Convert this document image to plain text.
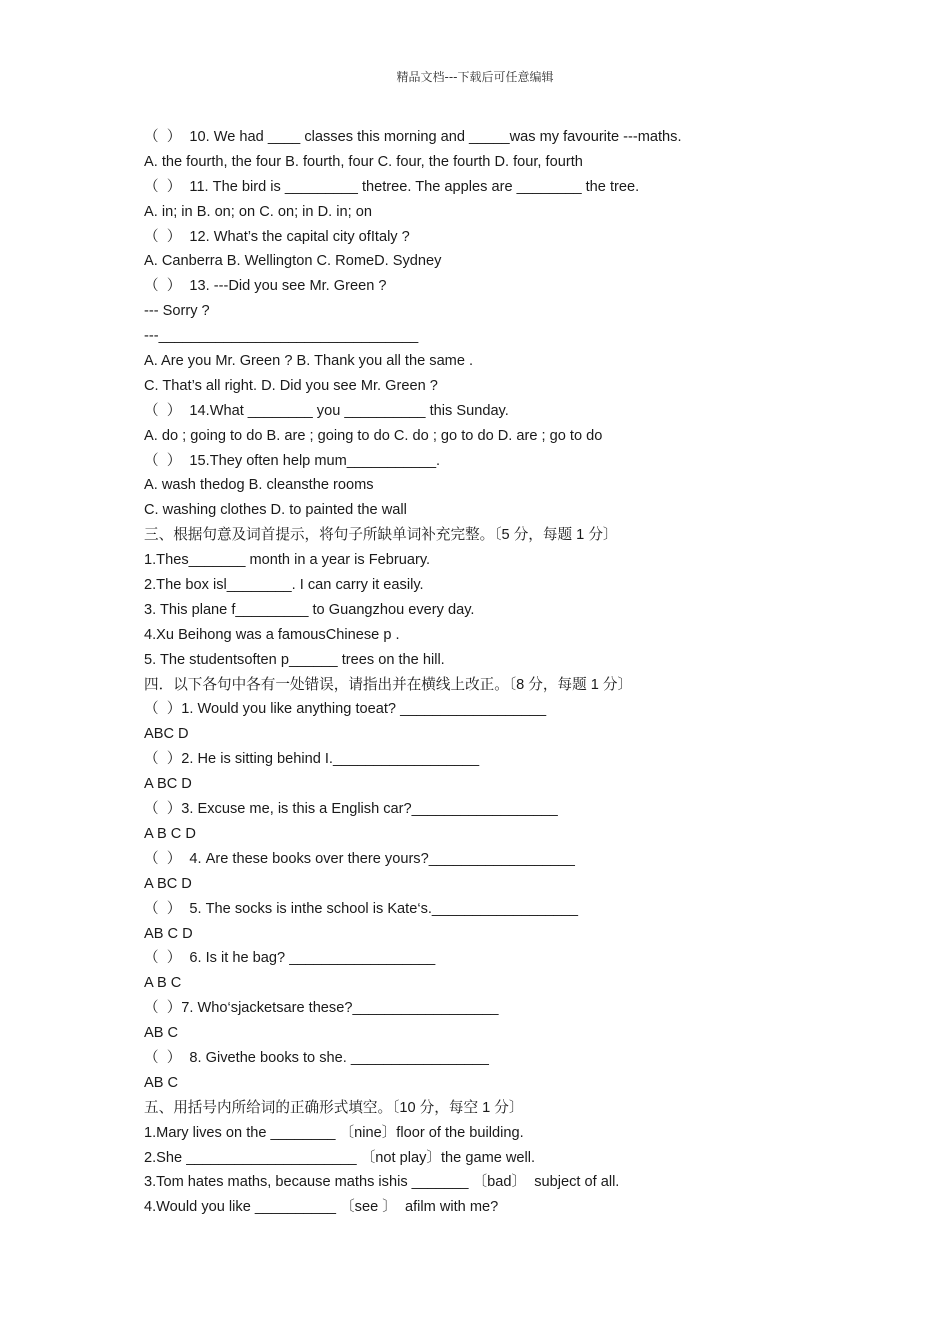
精品文档---下载后可任意编辑
（  ）  10. We had ____ classes this morning and _____was my favourite ---maths.
A. the fourth, the four B. fourth, four C. four, the fourth D. four, fourth
（  ）  11. The bird is _________ thetree. The apples are ________ the tree.
A. in; in B. on; on C. on; in D. in; on
（  ）  12. What’s the capital city ofItaly ?
A. Canberra B. Wellington C. RomeD. Sydney
（  ）  13. ---Did you see Mr. Green ?
--- Sorry ?
---________________________________
A. Are you Mr. Green ? B. Thank you all the same .
C. That’s all right. D. Did you see Mr. Green ?
（  ）  14.What ________ you __________ this Sunday.
A. do ; going to do B. are ; going to do C. do ; go to do D. are ; go to do
（  ）  15.They often help mum___________.
A. wash thedog B. cleansthe rooms
C. washing clothes D. to painted the wall
三、根据句意及词首提示，将句子所缺单词补充完整。〔5 分，每题 1 分〕
1.Thes_______ month in a year is February.
2.The box isl________. I can carry it easily.
3. This plane f_________ to Guangzhou every day.
4.Xu Beihong was a famousChinese p .
5. The studentsoften p______ trees on the hill.
四．以下各句中各有一处错误，请指出并在横线上改正。〔8 分，每题 1 分〕
（  ）1. Would you like anything toeat? __________________
ABC D
（  ）2. He is sitting behind I.__________________
A BC D
（  ）3. Excuse me, is this a English car?__________________
A B C D
（  ）  4. Are these books over there yours?__________________
A BC D
（  ）  5. The socks is inthe school is Kate‘s.__________________
AB C D
（  ）  6. Is it he bag? __________________
A B C
（  ）7. Who‘sjacketsare these?__________________
AB C
（  ）  8. Givethe books to she. _________________
AB C
五、用括号内所给词的正确形式填空。〔10 分，每空 1 分〕
1.Mary lives on the ________ 〔nine〕floor of the building.
2.She _____________________ 〔not play〕the game well.
3.Tom hates maths, because maths ishis _______ 〔bad〕  subject of all.
4.Would you like __________ 〔see 〕  afilm with me?
